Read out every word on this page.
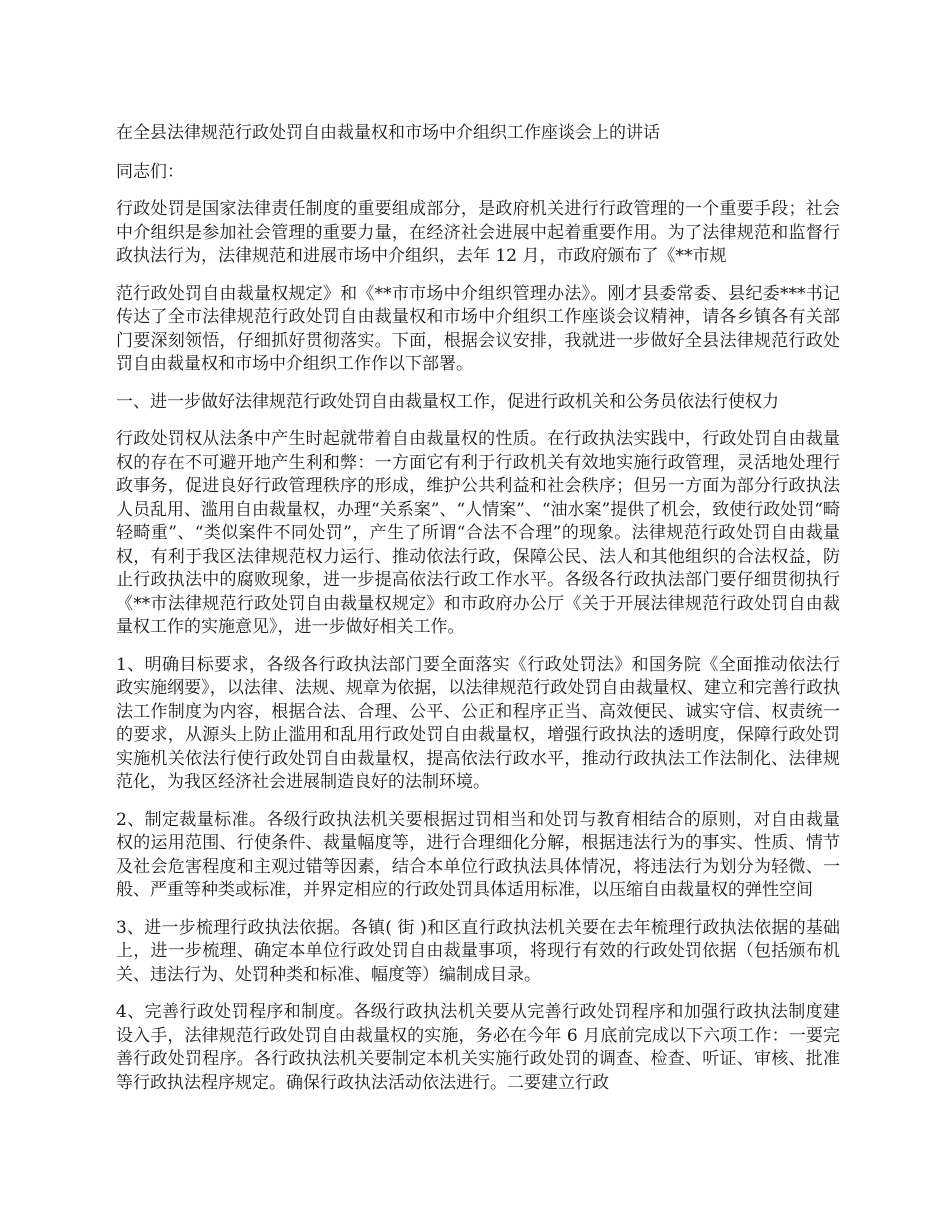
在全县法律规范行政处罚自由裁量权和市场中介组织工作座谈会上的讲话
同志们：

行政处罚是国家法律责任制度的重要组成部分，是政府机关进行行政管理的一个重要手段；社会中介组织是参加社会管理的重要力量，在经济社会进展中起着重要作用。为了法律规范和监督行政执法行为，法律规范和进展市场中介组织，去年 12 月，市政府颁布了《**市规

范行政处罚自由裁量权规定》和《**市市场中介组织管理办法》。刚才县委常委、县纪委***书记传达了全市法律规范行政处罚自由裁量权和市场中介组织工作座谈会议精神，请各乡镇各有关部门要深刻领悟，仔细抓好贯彻落实。下面，根据会议安排，我就进一步做好全县法律规范行政处罚自由裁量权和市场中介组织工作作以下部署。

一、进一步做好法律规范行政处罚自由裁量权工作，促进行政机关和公务员依法行使权力

行政处罚权从法条中产生时起就带着自由裁量权的性质。在行政执法实践中，行政处罚自由裁量权的存在不可避开地产生利和弊：一方面它有利于行政机关有效地实施行政管理，灵活地处理行政事务，促进良好行政管理秩序的形成，维护公共利益和社会秩序；但另一方面为部分行政执法人员乱用、滥用自由裁量权，办理“关系案”、“人情案”、“油水案”提供了机会，致使行政处罚“畸轻畸重”、“类似案件不同处罚”，产生了所谓“合法不合理”的现象。法律规范行政处罚自由裁量权，有利于我区法律规范权力运行、推动依法行政，保障公民、法人和其他组织的合法权益，防止行政执法中的腐败现象，进一步提高依法行政工作水平。各级各行政执法部门要仔细贯彻执行《**市法律规范行政处罚自由裁量权规定》和市政府办公厅《关于开展法律规范行政处罚自由裁量权工作的实施意见》，进一步做好相关工作。

1、明确目标要求，各级各行政执法部门要全面落实《行政处罚法》和国务院《全面推动依法行政实施纲要》，以法律、法规、规章为依据，以法律规范行政处罚自由裁量权、建立和完善行政执法工作制度为内容，根据合法、合理、公平、公正和程序正当、高效便民、诚实守信、权责统一的要求，从源头上防止滥用和乱用行政处罚自由裁量权，增强行政执法的透明度，保障行政处罚实施机关依法行使行政处罚自由裁量权，提高依法行政水平，推动行政执法工作法制化、法律规范化，为我区经济社会进展制造良好的法制环境。

2、制定裁量标准。各级行政执法机关要根据过罚相当和处罚与教育相结合的原则，对自由裁量权的运用范围、行使条件、裁量幅度等，进行合理细化分解，根据违法行为的事实、性质、情节及社会危害程度和主观过错等因素，结合本单位行政执法具体情况，将违法行为划分为轻微、一般、严重等种类或标准，并界定相应的行政处罚具体适用标准，以压缩自由裁量权的弹性空间

3、进一步梳理行政执法依据。各镇( 街 )和区直行政执法机关要在去年梳理行政执法依据的基础上，进一步梳理、确定本单位行政处罚自由裁量事项，将现行有效的行政处罚依据（包括颁布机关、违法行为、处罚种类和标准、幅度等）编制成目录。

4、完善行政处罚程序和制度。各级行政执法机关要从完善行政处罚程序和加强行政执法制度建设入手，法律规范行政处罚自由裁量权的实施，务必在今年 6 月底前完成以下六项工作：一要完善行政处罚程序。各行政执法机关要制定本机关实施行政处罚的调查、检查、听证、审核、批准等行政执法程序规定。确保行政执法活动依法进行。二要建立行政
